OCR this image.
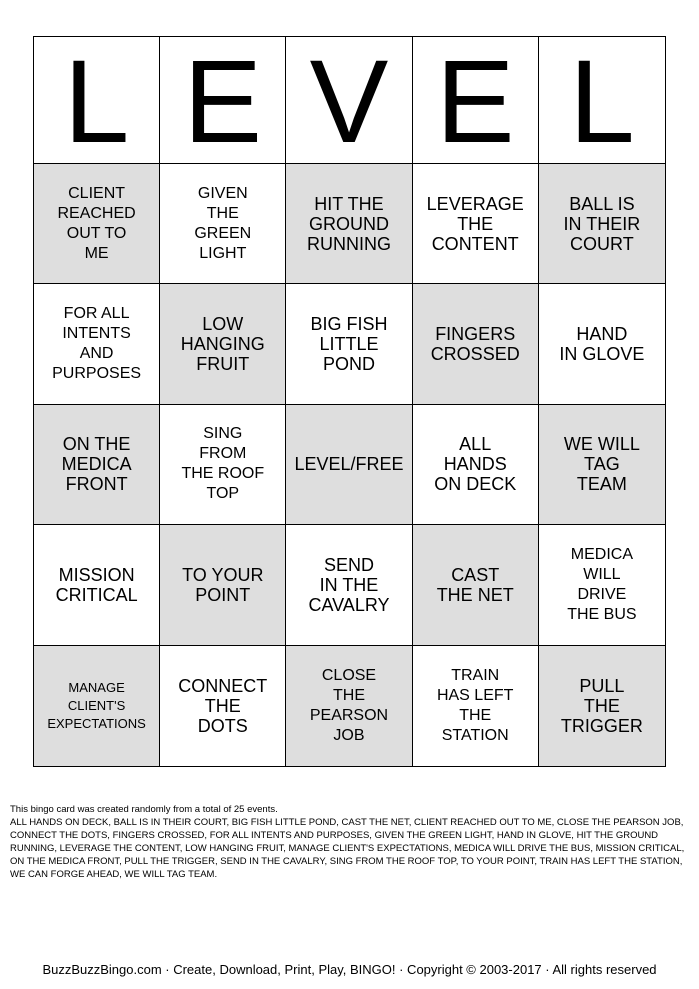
L E V E L
CLIENT
REACHED
OUT TO
ME
GIVEN
THE
GREEN
LIGHT
HIT THE
GROUND
RUNNING
LEVERAGE
THE
CONTENT
BALL IS
IN THEIR
COURT
FOR ALL
INTENTS
AND
PURPOSES
LOW
HANGING
FRUIT
BIG FISH
LITTLE
POND
FINGERS
CROSSED
HAND
IN GLOVE
ON THE
MEDICA
FRONT
SING
FROM
THE ROOF
TOP
LEVEL/FREE
ALL
HANDS
ON DECK
WE WILL
TAG
TEAM
MISSION
CRITICAL
TO YOUR
POINT
SEND
IN THE
CAVALRY
CAST
THE NET
MEDICA
WILL
DRIVE
THE BUS
MANAGE
CLIENT'S
EXPECTATIONS
CONNECT
THE
DOTS
CLOSE
THE
PEARSON
JOB
TRAIN
HAS LEFT
THE
STATION
PULL
THE
TRIGGER

This bingo card was created randomly from a total of 25 events.

ALL HANDS ON DECK, BALL IS IN THEIR COURT, BIG FISH LITTLE POND, CAST THE NET, CLIENT REACHED OUT TO ME, CLOSE THE PEARSON JOB, CONNECT THE DOTS, FINGERS CROSSED, FOR ALL INTENTS AND PURPOSES, GIVEN THE GREEN LIGHT, HAND IN GLOVE, HIT THE GROUND RUNNING, LEVERAGE THE CONTENT, LOW HANGING FRUIT, MANAGE CLIENT'S EXPECTATIONS, MEDICA WILL DRIVE THE BUS, MISSION CRITICAL, ON THE MEDICA FRONT, PULL THE TRIGGER, SEND IN THE CAVALRY, SING FROM THE ROOF TOP, TO YOUR POINT, TRAIN HAS LEFT THE STATION, WE CAN FORGE AHEAD, WE WILL TAG TEAM.

BuzzBuzzBingo.com · Create, Download, Print, Play, BINGO! · Copyright © 2003-2017 · All rights reserved
